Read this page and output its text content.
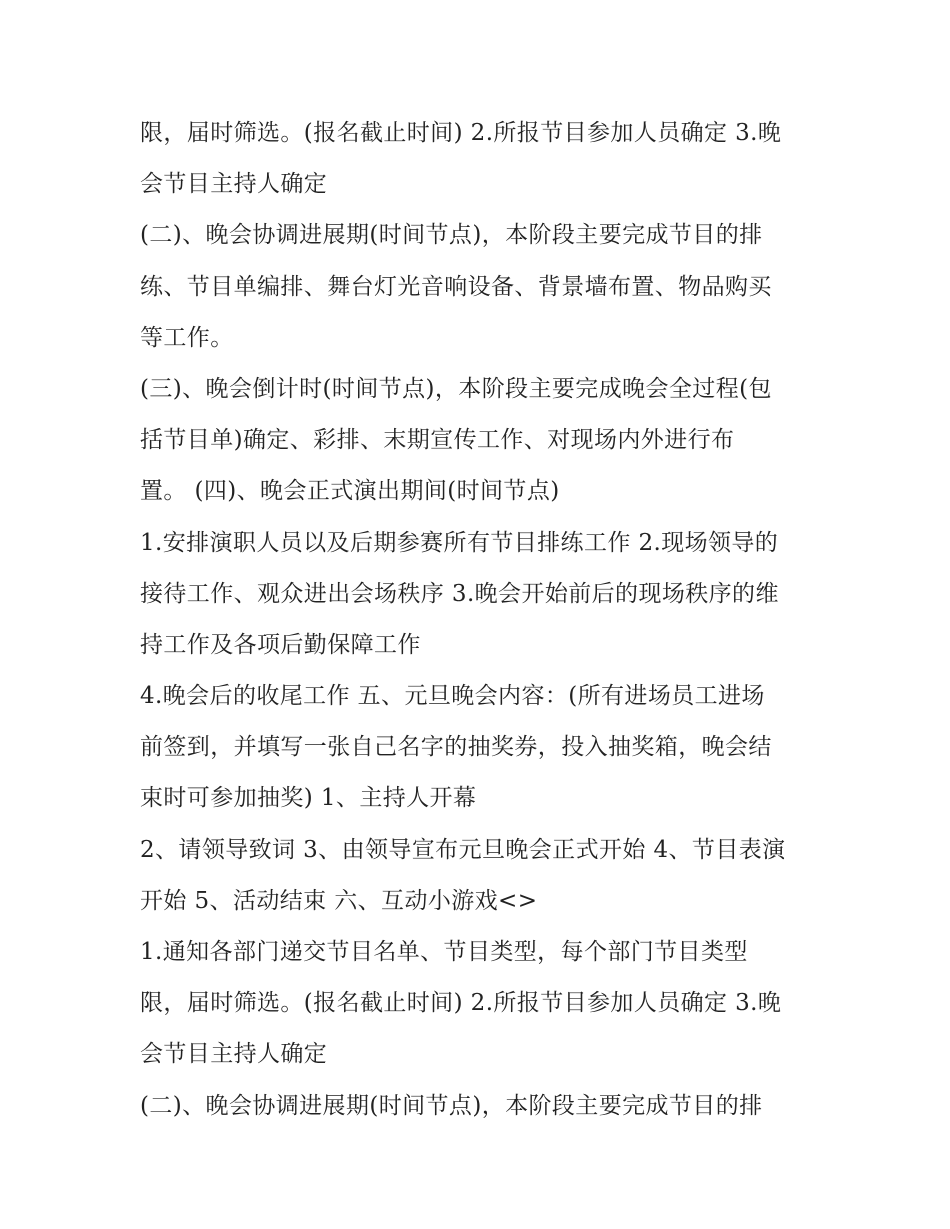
限，届时筛选。(报名截止时间) 2.所报节目参加人员确定 3.晚
会节目主持人确定
(二)、晚会协调进展期(时间节点)，本阶段主要完成节目的排
练、节目单编排、舞台灯光音响设备、背景墙布置、物品购买
等工作。
(三)、晚会倒计时(时间节点)，本阶段主要完成晚会全过程(包
括节目单)确定、彩排、末期宣传工作、对现场内外进行布
置。 (四)、晚会正式演出期间(时间节点)
1.安排演职人员以及后期参赛所有节目排练工作 2.现场领导的
接待工作、观众进出会场秩序 3.晚会开始前后的现场秩序的维
持工作及各项后勤保障工作
4.晚会后的收尾工作 五、元旦晚会内容：(所有进场员工进场
前签到，并填写一张自己名字的抽奖券，投入抽奖箱，晚会结
束时可参加抽奖) 1、主持人开幕
2、请领导致词 3、由领导宣布元旦晚会正式开始 4、节目表演
开始 5、活动结束 六、互动小游戏<>
1.通知各部门递交节目名单、节目类型，每个部门节目类型
限，届时筛选。(报名截止时间) 2.所报节目参加人员确定 3.晚
会节目主持人确定
(二)、晚会协调进展期(时间节点)，本阶段主要完成节目的排
